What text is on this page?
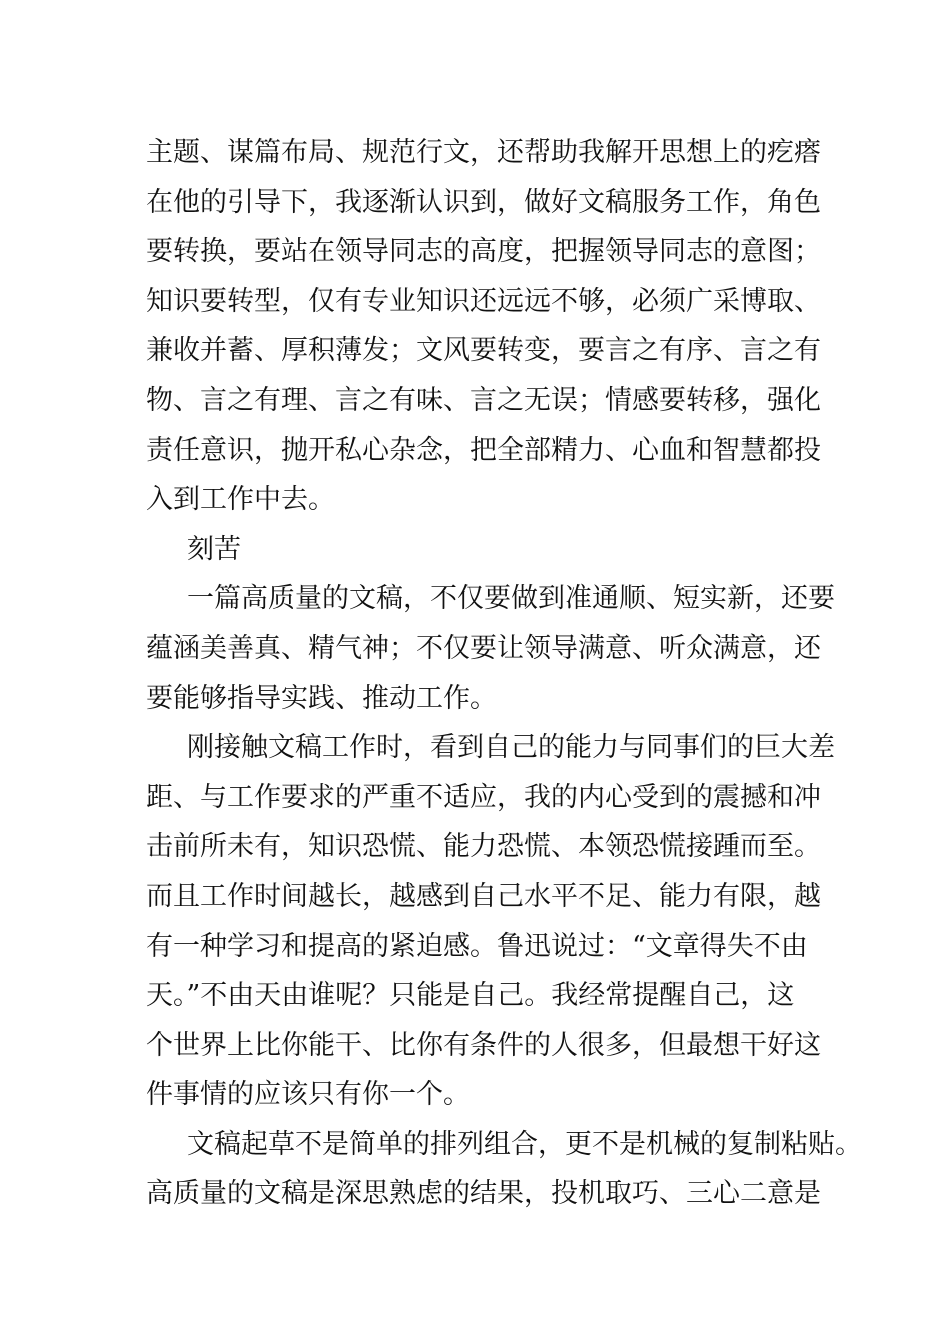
主题、谋篇布局、规范行文，还帮助我解开思想上的疙瘩
在他的引导下，我逐渐认识到，做好文稿服务工作，角色
要转换，要站在领导同志的高度，把握领导同志的意图；
知识要转型，仅有专业知识还远远不够，必须广采博取、
兼收并蓄、厚积薄发；文风要转变，要言之有序、言之有
物、言之有理、言之有味、言之无误；情感要转移，强化
责任意识，抛开私心杂念，把全部精力、心血和智慧都投
入到工作中去。
刻苦
一篇高质量的文稿，不仅要做到准通顺、短实新，还要
蕴涵美善真、精气神；不仅要让领导满意、听众满意，还
要能够指导实践、推动工作。
刚接触文稿工作时，看到自己的能力与同事们的巨大差
距、与工作要求的严重不适应，我的内心受到的震撼和冲
击前所未有，知识恐慌、能力恐慌、本领恐慌接踵而至。
而且工作时间越长，越感到自己水平不足、能力有限，越
有一种学习和提高的紧迫感。鲁迅说过：“文章得失不由
天。”不由天由谁呢？只能是自己。我经常提醒自己，这
个世界上比你能干、比你有条件的人很多，但最想干好这
件事情的应该只有你一个。
文稿起草不是简单的排列组合，更不是机械的复制粘贴。
高质量的文稿是深思熟虑的结果，投机取巧、三心二意是
